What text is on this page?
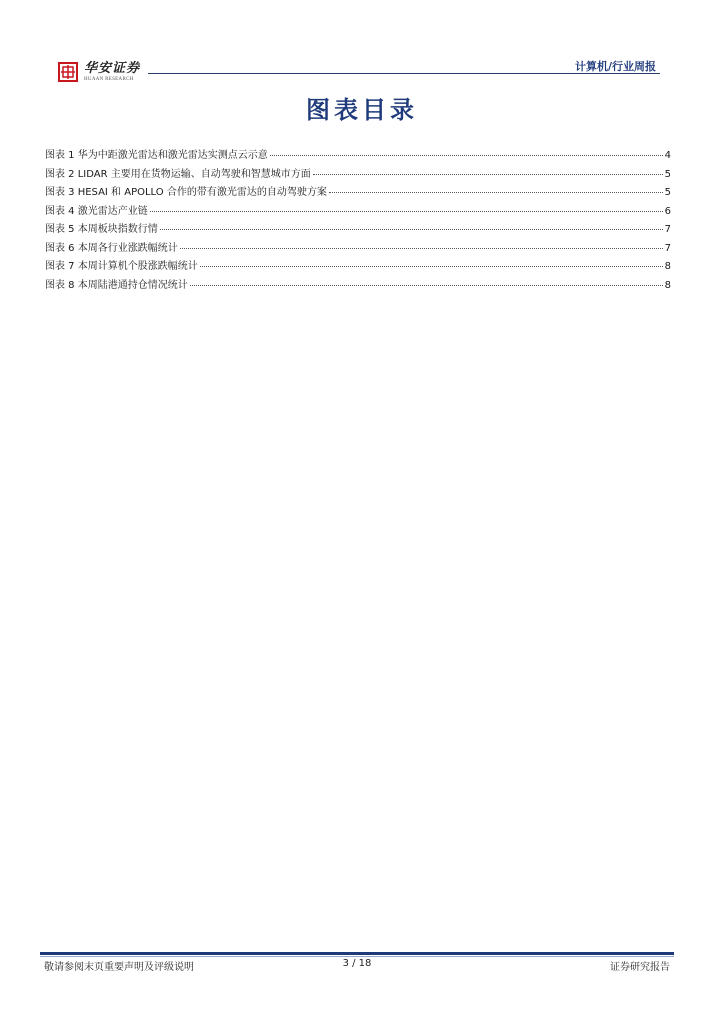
华安证券
HUAAN RESEARCH
计算机/行业周报
图表目录
图表 1 华为中距激光雷达和激光雷达实测点云示意	4
图表 2 LIDAR 主要用在货物运输、自动驾驶和智慧城市方面	5
图表 3 HESAI 和 APOLLO 合作的带有激光雷达的自动驾驶方案	5
图表 4 激光雷达产业链	6
图表 5 本周板块指数行情	7
图表 6 本周各行业涨跌幅统计	7
图表 7 本周计算机个股涨跌幅统计	8
图表 8 本周陆港通持仓情况统计	8
敬请参阅末页重要声明及评级说明	3 / 18	证券研究报告
